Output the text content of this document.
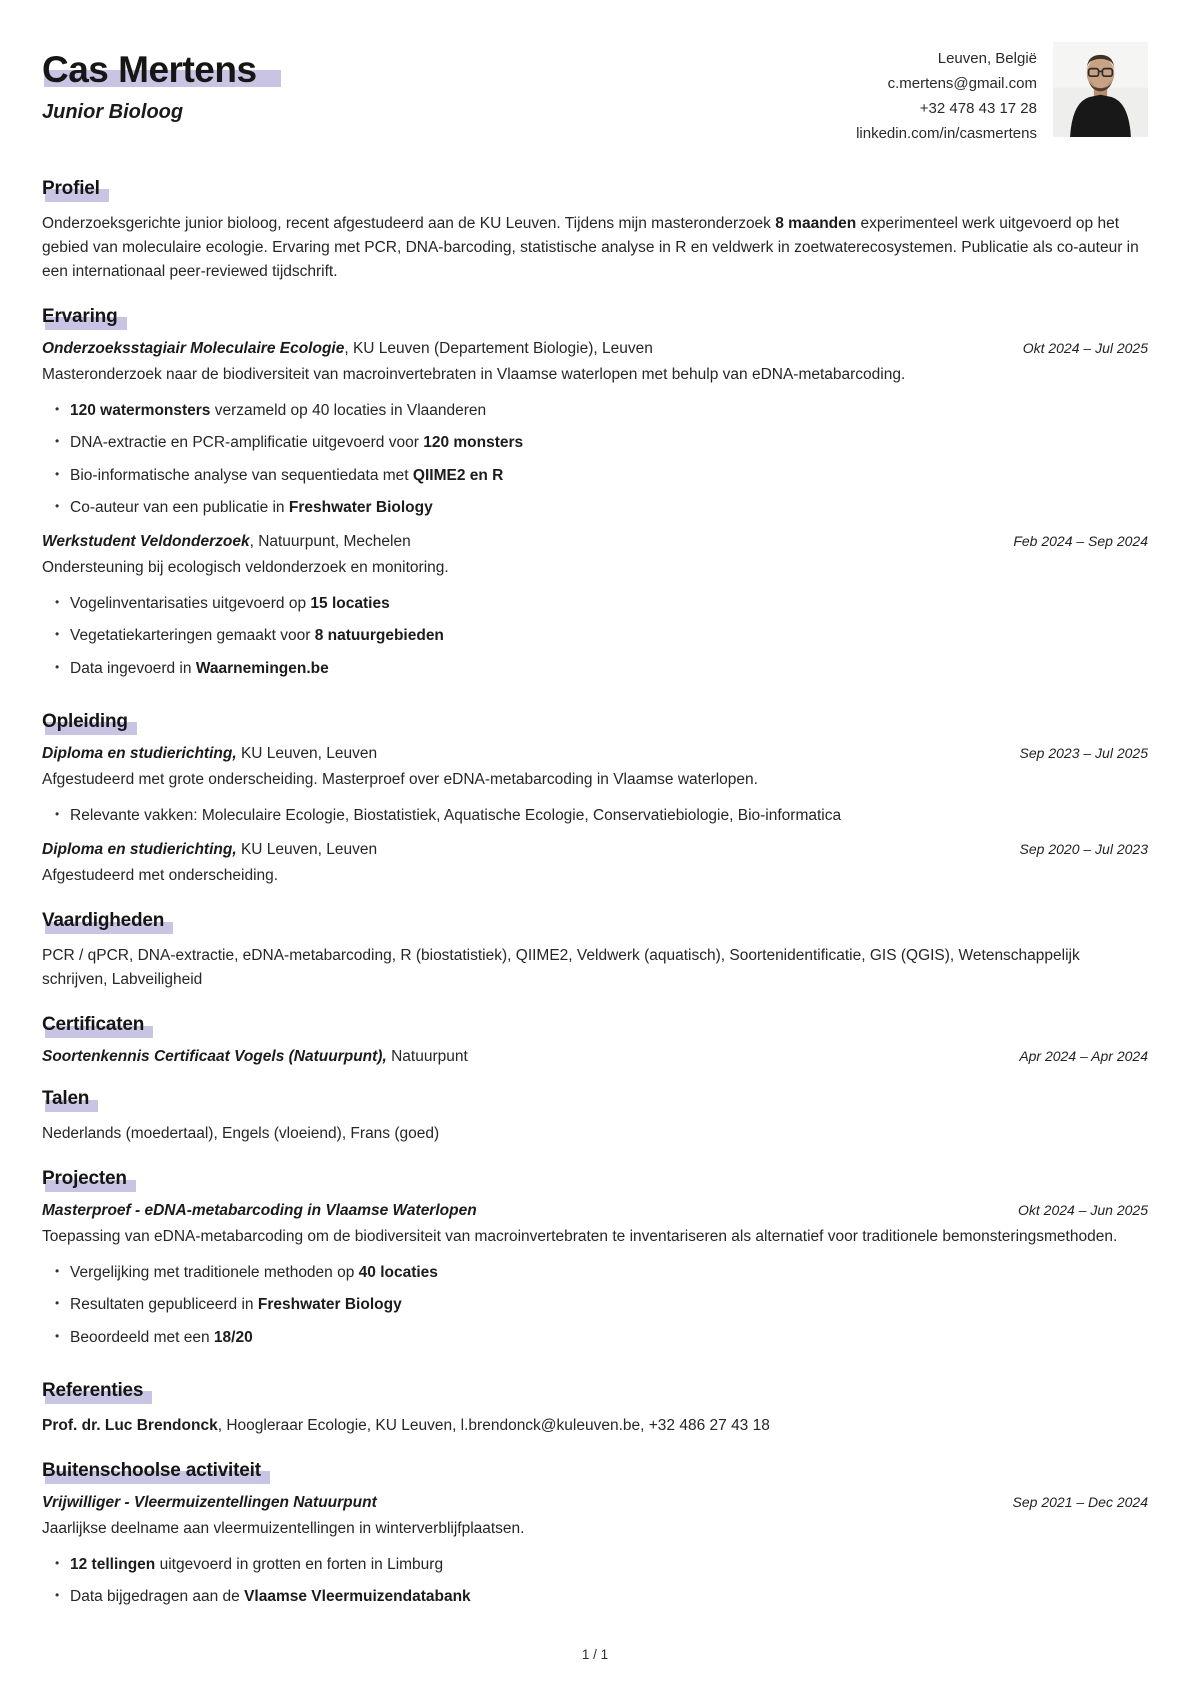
Cas Mertens
Junior Bioloog
Leuven, België
c.mertens@gmail.com
+32 478 43 17 28
linkedin.com/in/casmertens
Profiel

Onderzoeksgerichte junior bioloog, recent afgestudeerd aan de KU Leuven. Tijdens mijn masteronderzoek 8 maanden experimenteel werk uitgevoerd op het gebied van moleculaire ecologie. Ervaring met PCR, DNA-barcoding, statistische analyse in R en veldwerk in zoetwaterecosystemen. Publicatie als co-auteur in een internationaal peer-reviewed tijdschrift.

Ervaring

Onderzoeksstagiair Moleculaire Ecologie, KU Leuven (Departement Biologie), Leuven	Okt 2024 – Jul 2025

Masteronderzoek naar de biodiversiteit van macroinvertebraten in Vlaamse waterlopen met behulp van eDNA-metabarcoding.

• 120 watermonsters verzameld op 40 locaties in Vlaanderen
• DNA-extractie en PCR-amplificatie uitgevoerd voor 120 monsters
• Bio-informatische analyse van sequentiedata met QIIME2 en R
• Co-auteur van een publicatie in Freshwater Biology

Werkstudent Veldonderzoek, Natuurpunt, Mechelen	Feb 2024 – Sep 2024

Ondersteuning bij ecologisch veldonderzoek en monitoring.

• Vogelinventarisaties uitgevoerd op 15 locaties
• Vegetatiekarteringen gemaakt voor 8 natuurgebieden
• Data ingevoerd in Waarnemingen.be
Opleiding

Diploma en studierichting, KU Leuven, Leuven	Sep 2023 – Jul 2025

Afgestudeerd met grote onderscheiding. Masterproef over eDNA-metabarcoding in Vlaamse waterlopen.

• Relevante vakken: Moleculaire Ecologie, Biostatistiek, Aquatische Ecologie, Conservatiebiologie, Bio-informatica

Diploma en studierichting, KU Leuven, Leuven	Sep 2020 – Jul 2023

Afgestudeerd met onderscheiding.

Vaardigheden

PCR / qPCR, DNA-extractie, eDNA-metabarcoding, R (biostatistiek), QIIME2, Veldwerk (aquatisch), Soortenidentificatie, GIS (QGIS), Wetenschappelijk schrijven, Labveiligheid

Certificaten

Soortenkennis Certificaat Vogels (Natuurpunt), Natuurpunt	Apr 2024 – Apr 2024
Talen

Nederlands (moedertaal), Engels (vloeiend), Frans (goed)

Projecten

Masterproef - eDNA-metabarcoding in Vlaamse Waterlopen	Okt 2024 – Jun 2025

Toepassing van eDNA-metabarcoding om de biodiversiteit van macroinvertebraten te inventariseren als alternatief voor traditionele bemonsteringsmethoden.

• Vergelijking met traditionele methoden op 40 locaties
• Resultaten gepubliceerd in Freshwater Biology
• Beoordeeld met een 18/20
Referenties

Prof. dr. Luc Brendonck, Hoogleraar Ecologie, KU Leuven, l.brendonck@kuleuven.be, +32 486 27 43 18

Buitenschoolse activiteit

Vrijwilliger - Vleermuizentellingen Natuurpunt	Sep 2021 – Dec 2024

Jaarlijkse deelname aan vleermuizentellingen in winterverblijfplaatsen.

• 12 tellingen uitgevoerd in grotten en forten in Limburg
• Data bijgedragen aan de Vlaamse Vleermuizendatabank
1 / 1
